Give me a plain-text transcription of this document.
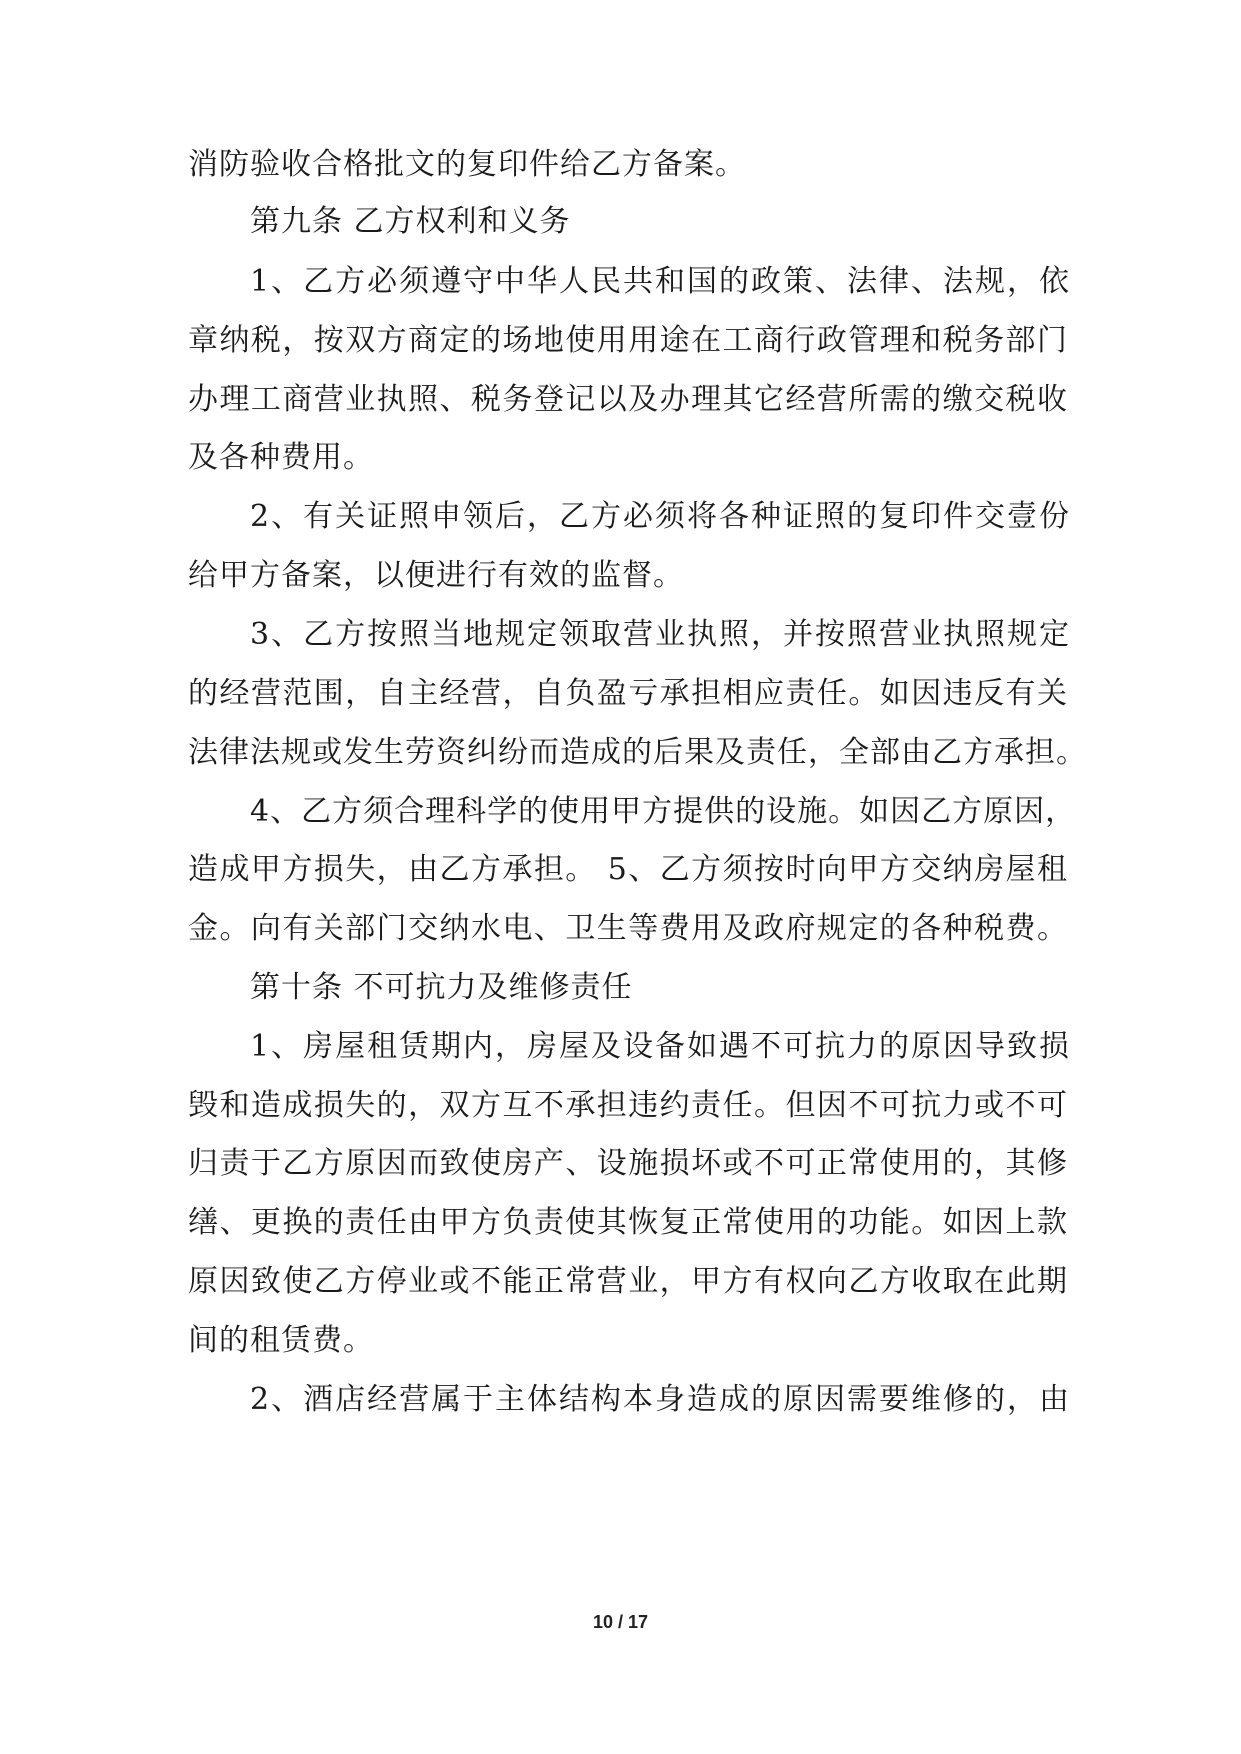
消防验收合格批文的复印件给乙方备案。
第九条 乙方权利和义务
1、乙方必须遵守中华人民共和国的政策、法律、法规，依
章纳税，按双方商定的场地使用用途在工商行政管理和税务部门
办理工商营业执照、税务登记以及办理其它经营所需的缴交税收
及各种费用。
2、有关证照申领后，乙方必须将各种证照的复印件交壹份
给甲方备案，以便进行有效的监督。
3、乙方按照当地规定领取营业执照，并按照营业执照规定
的经营范围，自主经营，自负盈亏承担相应责任。如因违反有关
法律法规或发生劳资纠纷而造成的后果及责任，全部由乙方承担。
4、乙方须合理科学的使用甲方提供的设施。如因乙方原因，
造成甲方损失，由乙方承担。 5、乙方须按时向甲方交纳房屋租
金。向有关部门交纳水电、卫生等费用及政府规定的各种税费。
第十条 不可抗力及维修责任
1、房屋租赁期内，房屋及设备如遇不可抗力的原因导致损
毁和造成损失的，双方互不承担违约责任。但因不可抗力或不可
归责于乙方原因而致使房产、设施损坏或不可正常使用的，其修
缮、更换的责任由甲方负责使其恢复正常使用的功能。如因上款
原因致使乙方停业或不能正常营业，甲方有权向乙方收取在此期
间的租赁费。
2、酒店经营属于主体结构本身造成的原因需要维修的，由
10 / 17
